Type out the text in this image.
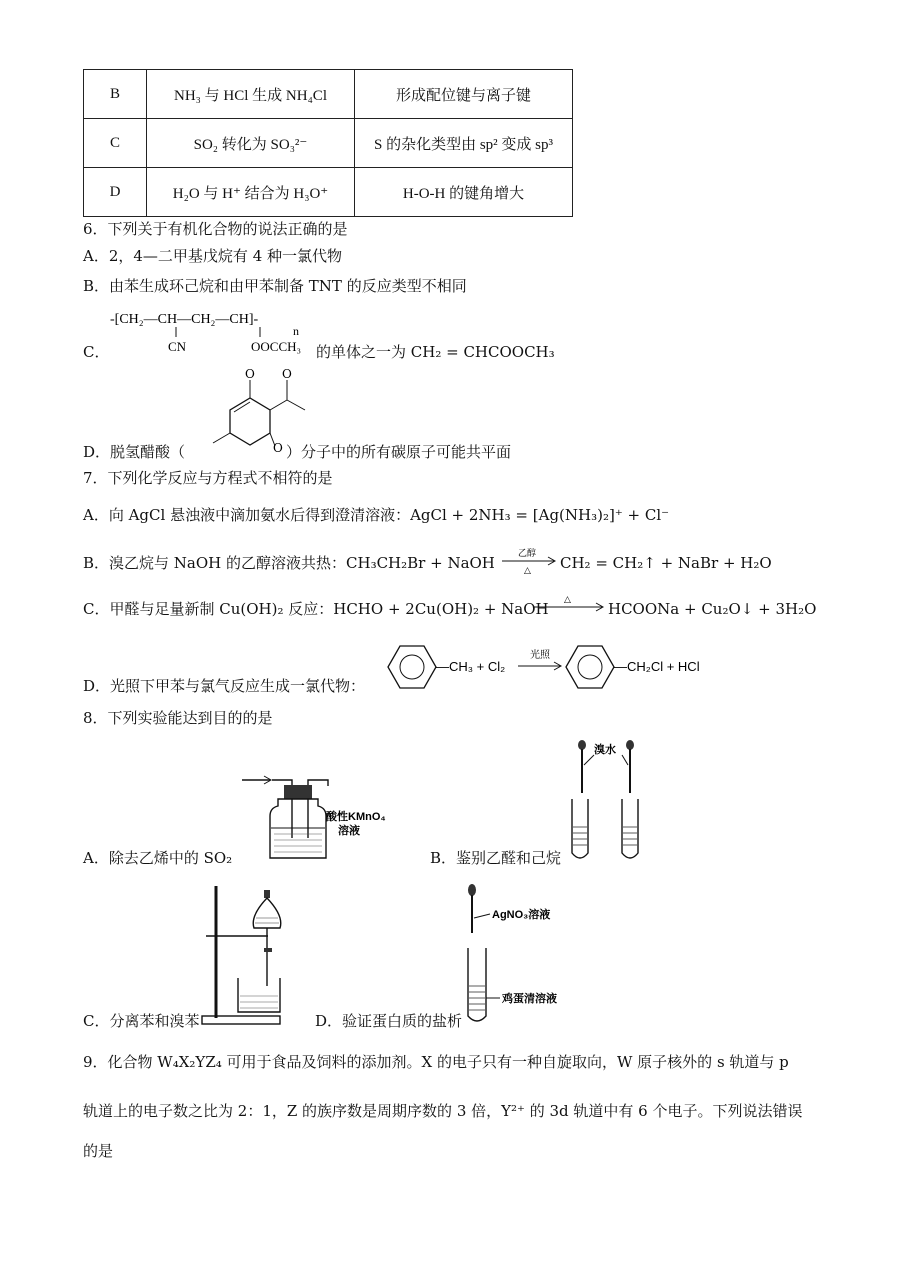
B	NH₃ 与 HCl 生成 NH₄Cl	形成配位键与离子键
C	SO₂ 转化为 SO₃²⁻	S 的杂化类型由 sp² 变成 sp³
D	H₂O 与 H⁺ 结合为 H₃O⁺	H-O-H 的键角增大
6．下列关于有机化合物的说法正确的是
A．2，4—二甲基戊烷有 4 种一氯代物
B．由苯生成环己烷和由甲苯制备 TNT 的反应类型不相同
C．
-[CH₂—CH—CH₂—CH]-
n
CN	OOCCH₃ 的单体之一为 CH₂ = CHCOOCH₃
D．脱氢醋酸（
O
O
O
）分子中的所有碳原子可能共平面
7．下列化学反应与方程式不相符的是
A．向 AgCl 悬浊液中滴加氨水后得到澄清溶液：AgCl + 2NH₃ = [Ag(NH₃)₂]⁺ + Cl⁻
B．溴乙烷与 NaOH 的乙醇溶液共热：CH₃CH₂Br + NaOH	乙醇
△ CH₂ = CH₂↑ + NaBr + H₂O
C．甲醛与足量新制 Cu(OH)₂ 反应：HCHO + 2Cu(OH)₂ + NaOH △ HCOONa + Cu₂O↓ + 3H₂O
D．光照下甲苯与氯气反应生成一氯代物：
—CH₃ + Cl₂
光照
—CH₂Cl + HCl
8．下列实验能达到目的的是
酸性KMnO₄
溶液
A．除去乙烯中的 SO₂
溴水
B．鉴别乙醛和己烷
C．分离苯和溴苯
AgNO₃溶液
鸡蛋清溶液
D．验证蛋白质的盐析
9．化合物 W₄X₂YZ₄ 可用于食品及饲料的添加剂。X 的电子只有一种自旋取向，W 原子核外的 s 轨道与 p
轨道上的电子数之比为 2：1，Z 的族序数是周期序数的 3 倍，Y²⁺ 的 3d 轨道中有 6 个电子。下列说法错误
的是
